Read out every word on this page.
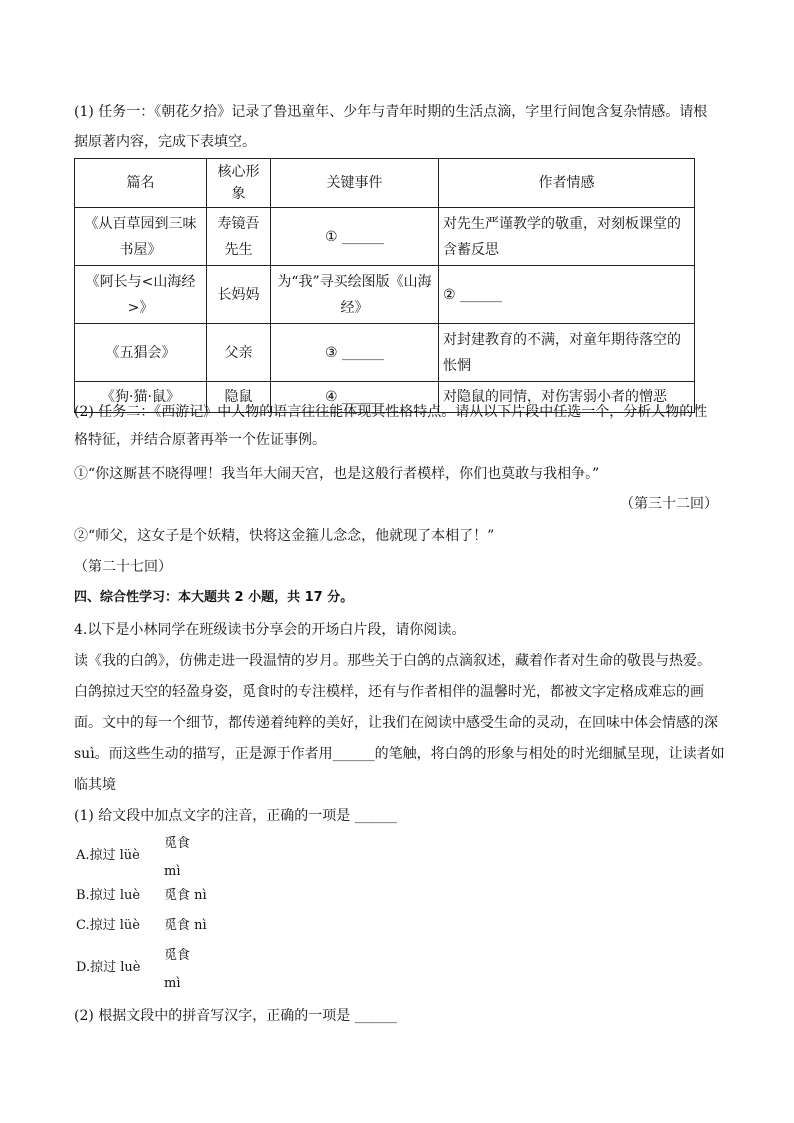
(1) 任务一：《朝花夕拾》记录了鲁迅童年、少年与青年时期的生活点滴，字里行间饱含复杂情感。请根
据原著内容，完成下表填空。
篇名	核心形象	关键事件	作者情感
《从百草园到三味书屋》	寿镜吾先生	① ______	对先生严谨教学的敬重，对刻板课堂的含蓄反思
《阿长与<山海经>》	长妈妈	为“我”寻买绘图版《山海经》	② ______
《五猖会》	父亲	③ ______	对封建教育的不满，对童年期待落空的怅惘
《狗·猫·鼠》	隐鼠	④ ______	对隐鼠的同情，对伤害弱小者的憎恶
(2) 任务二：《西游记》中人物的语言往往能体现其性格特点。请从以下片段中任选一个，分析人物的性
格特征，并结合原著再举一个佐证事例。
①“你这厮甚不晓得哩！我当年大闹天宫，也是这般行者模样，你们也莫敢与我相争。”
（第三十二回）
②“师父，这女子是个妖精，快将这金箍儿念念，他就现了本相了！”
（第二十七回）
四、综合性学习：本大题共 2 小题，共 17 分。
4.以下是小林同学在班级读书分享会的开场白片段，请你阅读。
读《我的白鸽》，仿佛走进一段温情的岁月。那些关于白鸽的点滴叙述，藏着作者对生命的敬畏与热爱。
白鸽掠过天空的轻盈身姿，觅食时的专注模样，还有与作者相伴的温馨时光，都被文字定格成难忘的画
面。文中的每一个细节，都传递着纯粹的美好，让我们在阅读中感受生命的灵动，在回味中体会情感的深
suì。而这些生动的描写，正是源于作者用______的笔触，将白鸽的形象与相处的时光细腻呈现，让读者如
临其境
(1) 给文段中加点文字的注音，正确的一项是 ______
A.掠过 lüè
觅食
mì
B.掠过 luè 觅食 nì
C.掠过 lüè 觅食 nì
D.掠过 luè
觅食
mì
(2) 根据文段中的拼音写汉字，正确的一项是 ______
